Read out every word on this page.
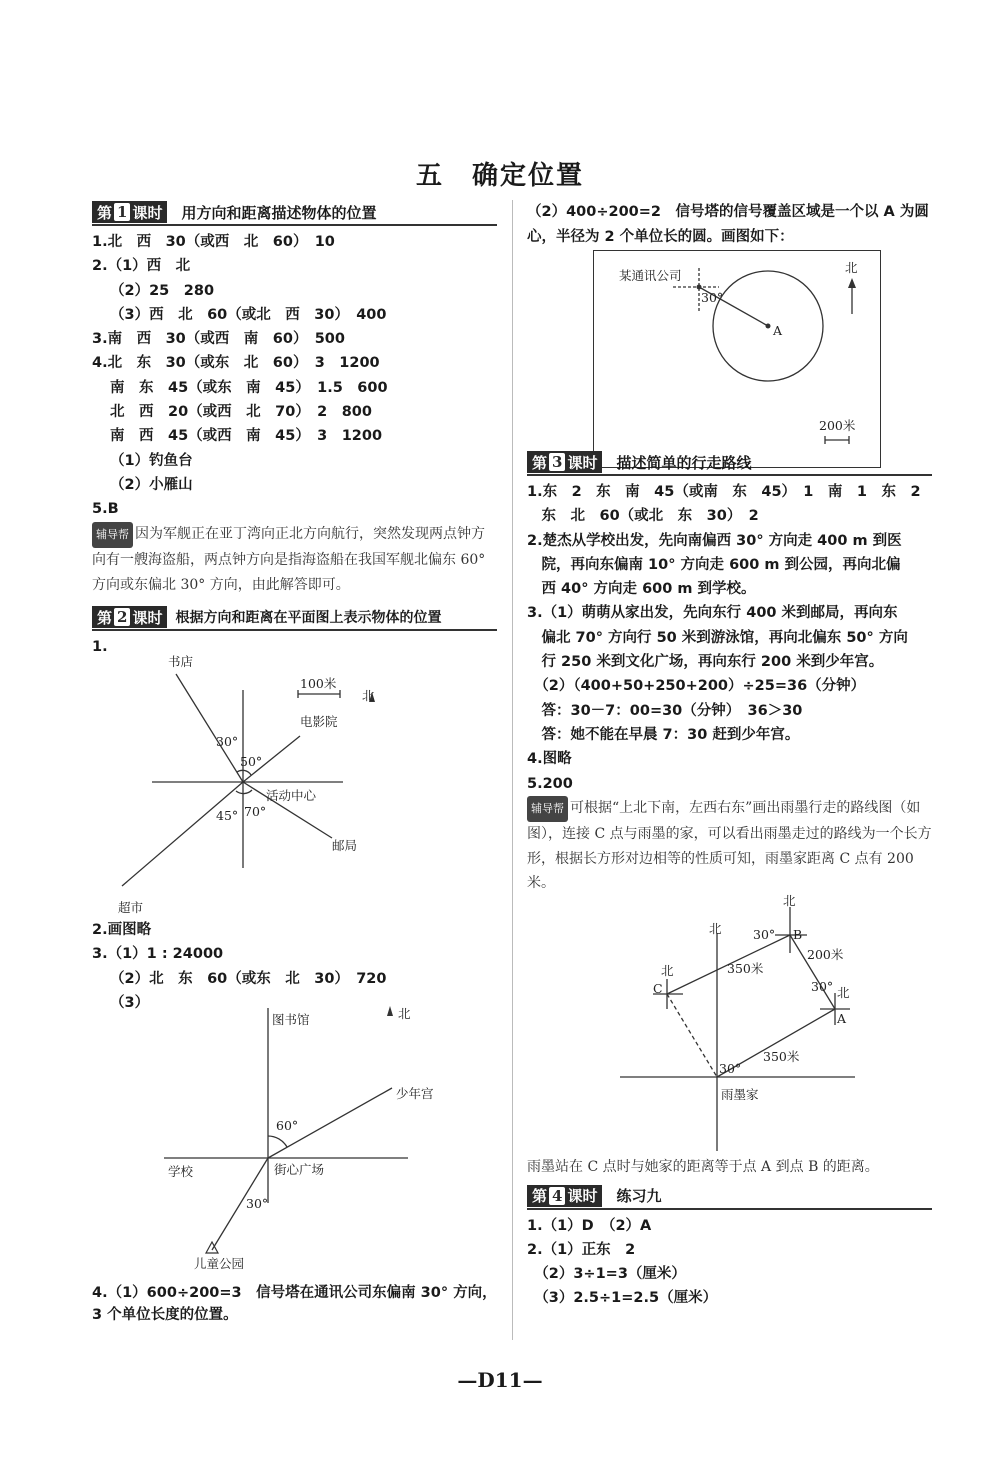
五　确定位置
第 1 课时 用方向和距离描述物体的位置
1.北　西　30（或西　北　60）　10
2.（1）西　北
（2）25　280
（3）西　北　60（或北　西　30）　400
3.南　西　30（或西　南　60）　500
4.北　东　30（或东　北　60）　3　1200
南　东　45（或东　南　45）　1.5　600
北　西　20（或西　北　70）　2　800
南　西　45（或西　南　45）　3　1200
（1）钓鱼台
（2）小雁山
5.B
辅导帮 因为军舰正在亚丁湾向正北方向航行，突然发现两点钟方向有一艘海盗船，两点钟方向是指海盗船在我国军舰北偏东 60° 方向或东偏北 30° 方向，由此解答即可。
第 2 课时 根据方向和距离在平面图上表示物体的位置
1.
书店
100米
北
电影院
30°
50°
活动中心
70°
45°
邮局
超市
2.画图略
3.（1）1 : 24000
（2）北　东　60（或东　北　30）　720
（3）
图书馆	北
少年宫
60°
学校	街心广场
30°
儿童公园
4.（1）600÷200=3　信号塔在通讯公司东偏南 30° 方向，3 个单位长度的位置。
（2）400÷200=2　信号塔的信号覆盖区域是一个以 A 为圆心，半径为 2 个单位长的圆。画图如下：
某通讯公司
30°
A
北
200米
第 3 课时 描述简单的行走路线
1.东　2　东　南　45（或南　东　45）　1　南　1　东　2
　东　北　60（或北　东　30）　2
2.楚杰从学校出发，先向南偏西 30° 方向走 400 m 到医
　院，再向东偏南 10° 方向走 600 m 到公园，再向北偏
　西 40° 方向走 600 m 到学校。
3.（1）萌萌从家出发，先向东行 400 米到邮局，再向东
　偏北 70° 方向行 50 米到游泳馆，再向北偏东 50° 方向
　行 250 米到文化广场，再向东行 200 米到少年宫。
　（2）（400+50+250+200）÷25=36（分钟）
　答：30－7：00=30（分钟）　36＞30
　答：她不能在早晨 7：30 赶到少年宫。
4.图略
5.200
辅导帮 可根据“上北下南，左西右东”画出雨墨行走的路线图（如图），连接 C 点与雨墨的家，可以看出雨墨走过的路线为一个长方形，根据长方形对边相等的性质可知，雨墨家距离 C 点有 200 米。
北
北
北
北
B
C
A
350米
200米
350米
30°
30°
30°
雨墨家
雨墨站在 C 点时与她家的距离等于点 A 到点 B 的距离。
第 4 课时 练习九
1.（1）D　（2）A
2.（1）正东　2
　（2）3÷1=3（厘米）
　（3）2.5÷1=2.5（厘米）
—D11—
